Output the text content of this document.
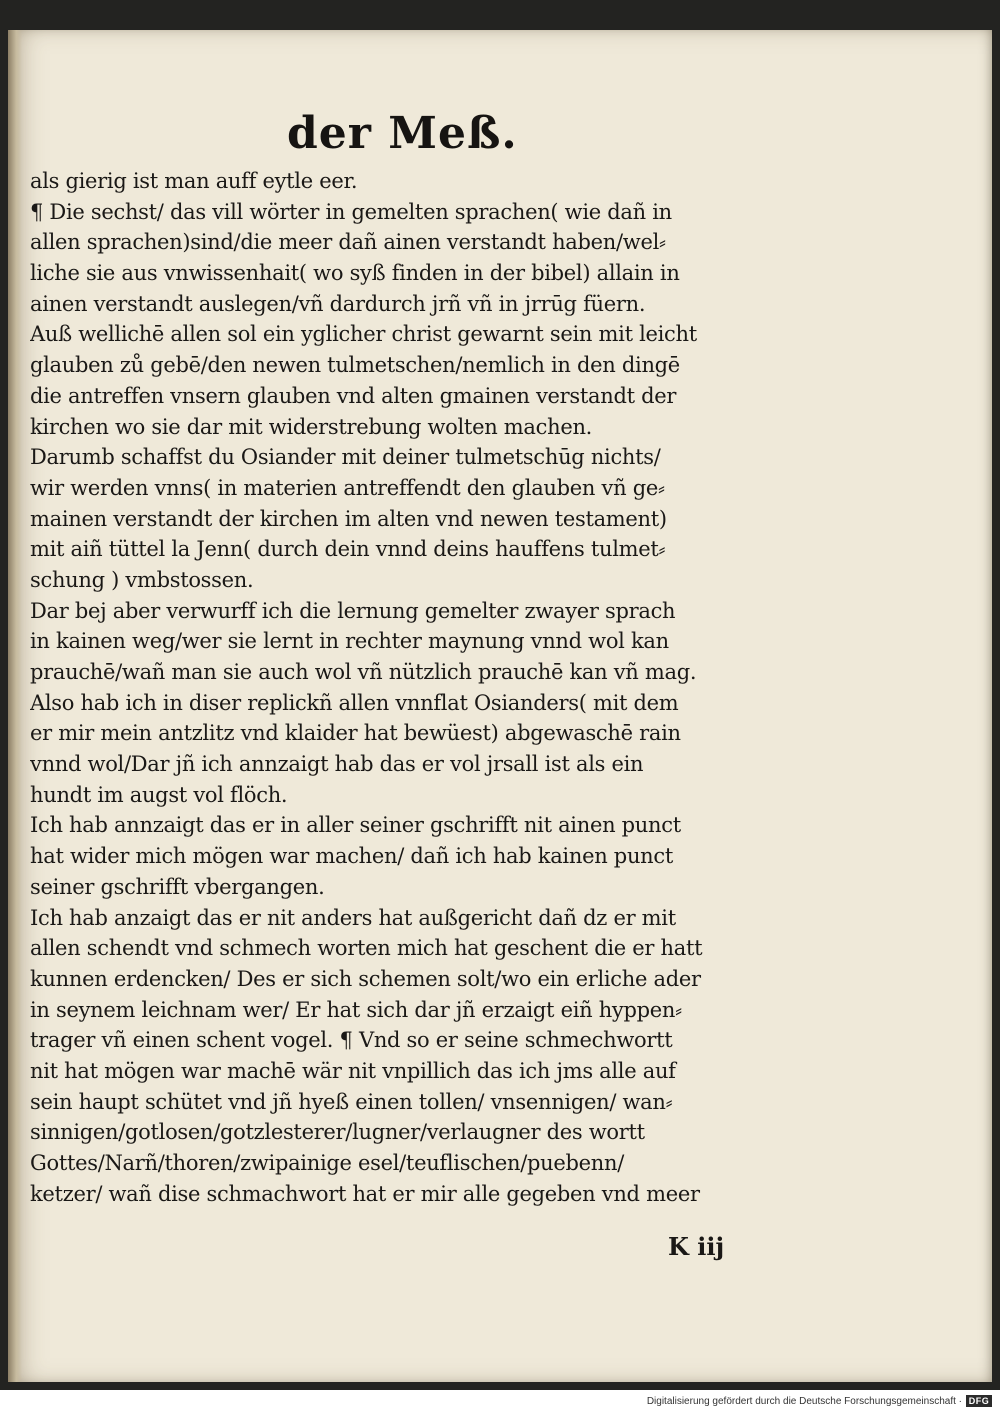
der Meß.
als gierig ist man auff eytle eer.
¶ Die sechst/ das vill wörter in gemelten sprachen( wie dañ in
allen sprachen)sind/die meer dañ ainen verstandt haben/wel⸗
liche sie aus vnwissenhait( wo syß finden in der bibel) allain in
ainen verstandt auslegen/vñ dardurch jrñ vñ in jrrūg füern.
Auß wellichē allen sol ein yglicher christ gewarnt sein mit leicht
glauben zů gebē/den newen tulmetschen/nemlich in den dingē
die antreffen vnsern glauben vnd alten gmainen verstandt der
kirchen wo sie dar mit widerstrebung wolten machen.
Darumb schaffst du Osiander mit deiner tulmetschūg nichts/
wir werden vnns( in materien antreffendt den glauben vñ ge⸗
mainen verstandt der kirchen im alten vnd newen testament)
mit aiñ tüttel la Jenn( durch dein vnnd deins hauffens tulmet⸗
schung ) vmbstossen.
Dar bej aber verwurff ich die lernung gemelter zwayer sprach
in kainen weg/wer sie lernt in rechter maynung vnnd wol kan
prauchē/wañ man sie auch wol vñ nützlich prauchē kan vñ mag.
Also hab ich in diser replickñ allen vnnflat Osianders( mit dem
er mir mein antzlitz vnd klaider hat bewüest) abgewaschē rain
vnnd wol/Dar jñ ich annzaigt hab das er vol jrsall ist als ein
hundt im augst vol flöch.
Ich hab annzaigt das er in aller seiner gschrifft nit ainen punct
hat wider mich mögen war machen/ dañ ich hab kainen punct
seiner gschrifft vbergangen.
Ich hab anzaigt das er nit anders hat außgericht dañ dz er mit
allen schendt vnd schmech worten mich hat geschent die er hatt
kunnen erdencken/ Des er sich schemen solt/wo ein erliche ader
in seynem leichnam wer/ Er hat sich dar jñ erzaigt eiñ hyppen⸗
trager vñ einen schent vogel. ¶ Vnd so er seine schmechwortt
nit hat mögen war machē wär nit vnpillich das ich jms alle auf
sein haupt schütet vnd jñ hyeß einen tollen/ vnsennigen/ wan⸗
sinnigen/gotlosen/gotzlesterer/lugner/verlaugner des wortt
Gottes/Narñ/thoren/zwipainige esel/teuflischen/puebenn/
ketzer/ wañ dise schmachwort hat er mir alle gegeben vnd meer
K iij
Digitalisierung gefördert durch die Deutsche Forschungsgemeinschaft · DFG
